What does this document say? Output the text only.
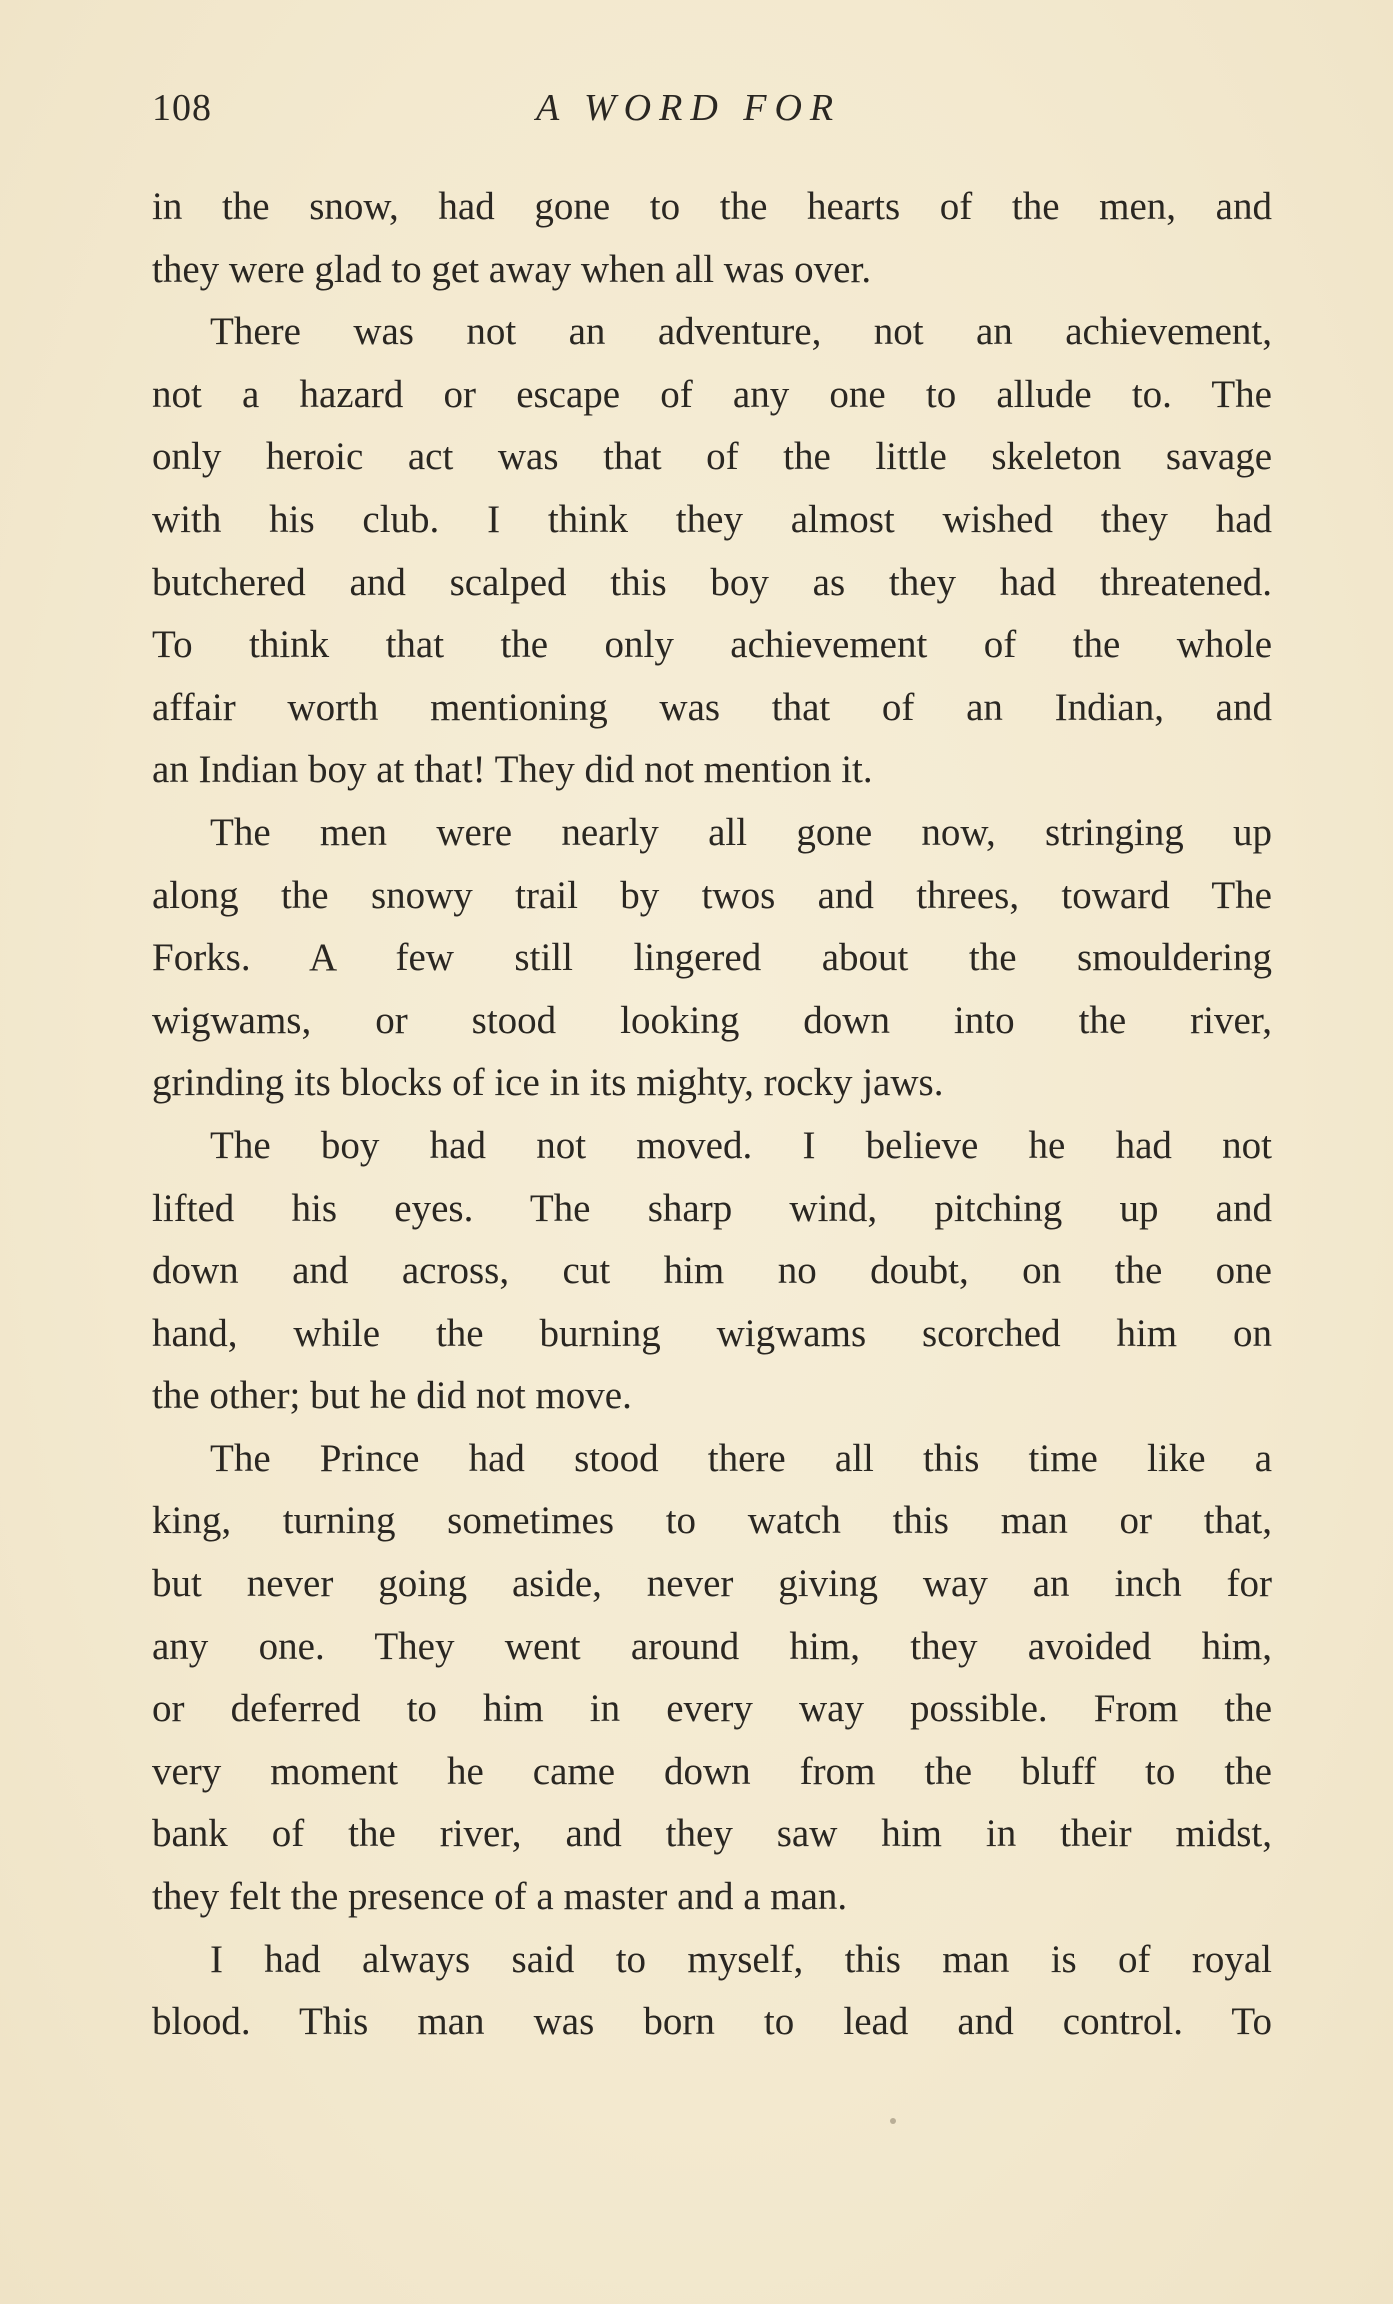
108	A WORD FOR
in the snow, had gone to the hearts of the men, and
they were glad to get away when all was over.
There was not an adventure, not an achievement,
not a hazard or escape of any one to allude to. The
only heroic act was that of the little skeleton savage
with his club. I think they almost wished they had
butchered and scalped this boy as they had threatened.
To think that the only achievement of the whole
affair worth mentioning was that of an Indian, and
an Indian boy at that! They did not mention it.
The men were nearly all gone now, stringing up
along the snowy trail by twos and threes, toward The
Forks. A few still lingered about the smouldering
wigwams, or stood looking down into the river,
grinding its blocks of ice in its mighty, rocky jaws.
The boy had not moved. I believe he had not
lifted his eyes. The sharp wind, pitching up and
down and across, cut him no doubt, on the one
hand, while the burning wigwams scorched him on
the other; but he did not move.
The Prince had stood there all this time like a
king, turning sometimes to watch this man or that,
but never going aside, never giving way an inch for
any one. They went around him, they avoided him,
or deferred to him in every way possible. From the
very moment he came down from the bluff to the
bank of the river, and they saw him in their midst,
they felt the presence of a master and a man.
I had always said to myself, this man is of royal
blood. This man was born to lead and control. To
